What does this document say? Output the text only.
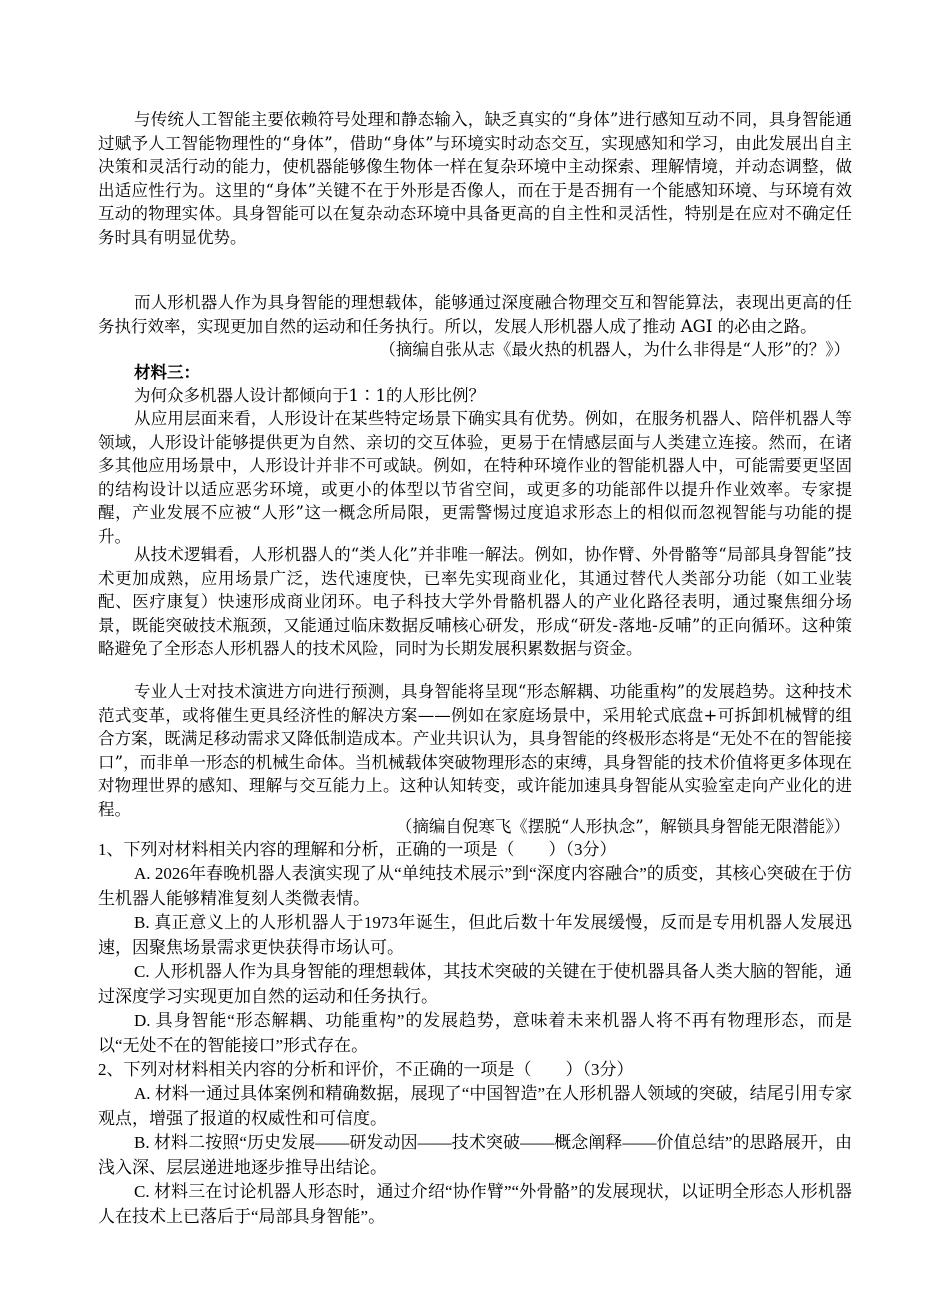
与传统人工智能主要依赖符号处理和静态输入，缺乏真实的“身体”进行感知互动不同，具身智能通过赋予人工智能物理性的“身体”，借助“身体”与环境实时动态交互，实现感知和学习，由此发展出自主决策和灵活行动的能力，使机器能够像生物体一样在复杂环境中主动探索、理解情境，并动态调整，做出适应性行为。这里的“身体”关键不在于外形是否像人，而在于是否拥有一个能感知环境、与环境有效互动的物理实体。具身智能可以在复杂动态环境中具备更高的自主性和灵活性，特别是在应对不确定任务时具有明显优势。
而人形机器人作为具身智能的理想载体，能够通过深度融合物理交互和智能算法，表现出更高的任务执行效率，实现更加自然的运动和任务执行。所以，发展人形机器人成了推动 AGI 的必由之路。
（摘编自张从志《最火热的机器人，为什么非得是“人形”的？》）
材料三：
为何众多机器人设计都倾向于1∶1的人形比例？
从应用层面来看，人形设计在某些特定场景下确实具有优势。例如，在服务机器人、陪伴机器人等领域，人形设计能够提供更为自然、亲切的交互体验，更易于在情感层面与人类建立连接。然而，在诸多其他应用场景中，人形设计并非不可或缺。例如，在特种环境作业的智能机器人中，可能需要更坚固的结构设计以适应恶劣环境，或更小的体型以节省空间，或更多的功能部件以提升作业效率。专家提醒，产业发展不应被“人形”这一概念所局限，更需警惕过度追求形态上的相似而忽视智能与功能的提升。
从技术逻辑看，人形机器人的“类人化”并非唯一解法。例如，协作臂、外骨骼等“局部具身智能”技术更加成熟，应用场景广泛，迭代速度快，已率先实现商业化，其通过替代人类部分功能（如工业装配、医疗康复）快速形成商业闭环。电子科技大学外骨骼机器人的产业化路径表明，通过聚焦细分场景，既能突破技术瓶颈，又能通过临床数据反哺核心研发，形成“研发-落地-反哺”的正向循环。这种策略避免了全形态人形机器人的技术风险，同时为长期发展积累数据与资金。
专业人士对技术演进方向进行预测，具身智能将呈现“形态解耦、功能重构”的发展趋势。这种技术范式变革，或将催生更具经济性的解决方案——例如在家庭场景中，采用轮式底盘+可拆卸机械臂的组合方案，既满足移动需求又降低制造成本。产业共识认为，具身智能的终极形态将是“无处不在的智能接口”，而非单一形态的机械生命体。当机械载体突破物理形态的束缚，具身智能的技术价值将更多体现在对物理世界的感知、理解与交互能力上。这种认知转变，或许能加速具身智能从实验室走向产业化的进程。
（摘编自倪寒飞《摆脱“人形执念”，解锁具身智能无限潜能》）
1、下列对材料相关内容的理解和分析，正确的一项是（　　）（3分）
A. 2026年春晚机器人表演实现了从“单纯技术展示”到“深度内容融合”的质变，其核心突破在于仿生机器人能够精准复刻人类微表情。
B. 真正意义上的人形机器人于1973年诞生，但此后数十年发展缓慢，反而是专用机器人发展迅速，因聚焦场景需求更快获得市场认可。
C. 人形机器人作为具身智能的理想载体，其技术突破的关键在于使机器具备人类大脑的智能，通过深度学习实现更加自然的运动和任务执行。
D. 具身智能“形态解耦、功能重构”的发展趋势，意味着未来机器人将不再有物理形态，而是以“无处不在的智能接口”形式存在。
2、下列对材料相关内容的分析和评价，不正确的一项是（　　）（3分）
A. 材料一通过具体案例和精确数据，展现了“中国智造”在人形机器人领域的突破，结尾引用专家观点，增强了报道的权威性和可信度。
B. 材料二按照“历史发展——研发动因——技术突破——概念阐释——价值总结”的思路展开，由浅入深、层层递进地逐步推导出结论。
C. 材料三在讨论机器人形态时，通过介绍“协作臂”“外骨骼”的发展现状，以证明全形态人形机器人在技术上已落后于“局部具身智能”。
